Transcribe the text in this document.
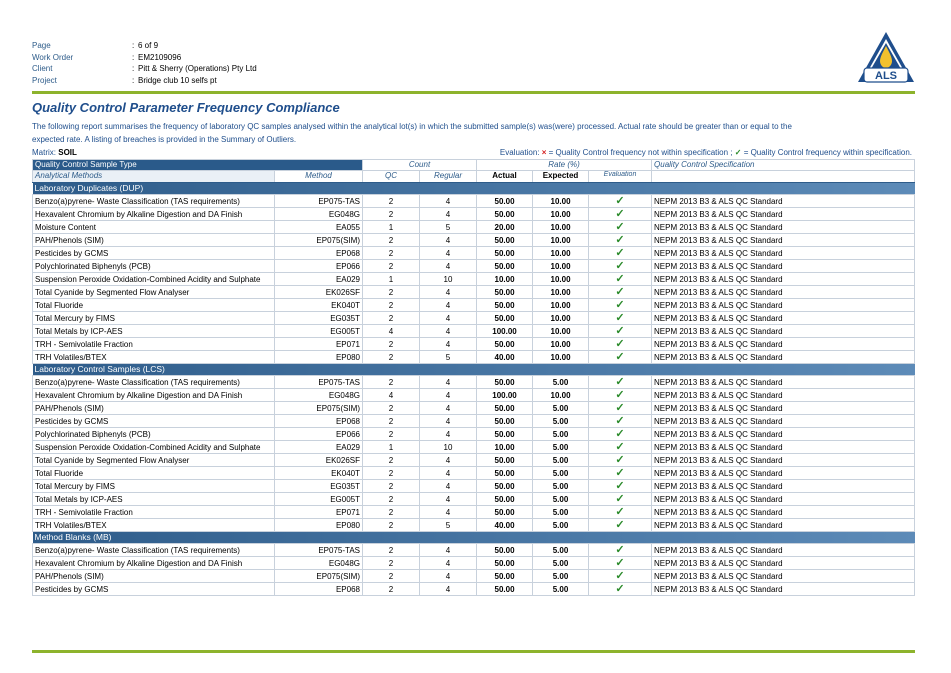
Page	: 6 of 9
Work Order	: EM2109096
Client	: Pitt & Sherry (Operations) Pty Ltd
Project	: Bridge club 10 selfs pt	ALS
Quality Control Parameter Frequency Compliance
The following report summarises the frequency of laboratory QC samples analysed within the analytical lot(s) in which the submitted sample(s) was(were) processed. Actual rate should be greater than or equal to the expected rate. A listing of breaches is provided in the Summary of Outliers.
Matrix: SOIL	Evaluation: × = Quality Control frequency not within specification ; ✓ = Quality Control frequency within specification.
Quality Control Sample Type		Count		Rate (%)			Quality Control Specification
Analytical Methods	Method	QC	Regular	Actual	Expected	Evaluation	
Laboratory Duplicates (DUP)							
Benzo(a)pyrene- Waste Classification (TAS requirements)	EP075-TAS	2	4	50.00	10.00	✓	NEPM 2013 B3 & ALS QC Standard
Hexavalent Chromium by Alkaline Digestion and DA Finish	EG048G	2	4	50.00	10.00	✓	NEPM 2013 B3 & ALS QC Standard
Moisture Content	EA055	1	5	20.00	10.00	✓	NEPM 2013 B3 & ALS QC Standard
PAH/Phenols (SIM)	EP075(SIM)	2	4	50.00	10.00	✓	NEPM 2013 B3 & ALS QC Standard
Pesticides by GCMS	EP068	2	4	50.00	10.00	✓	NEPM 2013 B3 & ALS QC Standard
Polychlorinated Biphenyls (PCB)	EP066	2	4	50.00	10.00	✓	NEPM 2013 B3 & ALS QC Standard
Suspension Peroxide Oxidation-Combined Acidity and Sulphate	EA029	1	10	10.00	10.00	✓	NEPM 2013 B3 & ALS QC Standard
Total Cyanide by Segmented Flow Analyser	EK026SF	2	4	50.00	10.00	✓	NEPM 2013 B3 & ALS QC Standard
Total Fluoride	EK040T	2	4	50.00	10.00	✓	NEPM 2013 B3 & ALS QC Standard
Total Mercury by FIMS	EG035T	2	4	50.00	10.00	✓	NEPM 2013 B3 & ALS QC Standard
Total Metals by ICP-AES	EG005T	4	4	100.00	10.00	✓	NEPM 2013 B3 & ALS QC Standard
TRH - Semivolatile Fraction	EP071	2	4	50.00	10.00	✓	NEPM 2013 B3 & ALS QC Standard
TRH Volatiles/BTEX	EP080	2	5	40.00	10.00	✓	NEPM 2013 B3 & ALS QC Standard
Laboratory Control Samples (LCS)							
Benzo(a)pyrene- Waste Classification (TAS requirements)	EP075-TAS	2	4	50.00	5.00	✓	NEPM 2013 B3 & ALS QC Standard
Hexavalent Chromium by Alkaline Digestion and DA Finish	EG048G	4	4	100.00	10.00	✓	NEPM 2013 B3 & ALS QC Standard
PAH/Phenols (SIM)	EP075(SIM)	2	4	50.00	5.00	✓	NEPM 2013 B3 & ALS QC Standard
Pesticides by GCMS	EP068	2	4	50.00	5.00	✓	NEPM 2013 B3 & ALS QC Standard
Polychlorinated Biphenyls (PCB)	EP066	2	4	50.00	5.00	✓	NEPM 2013 B3 & ALS QC Standard
Suspension Peroxide Oxidation-Combined Acidity and Sulphate	EA029	1	10	10.00	5.00	✓	NEPM 2013 B3 & ALS QC Standard
Total Cyanide by Segmented Flow Analyser	EK026SF	2	4	50.00	5.00	✓	NEPM 2013 B3 & ALS QC Standard
Total Fluoride	EK040T	2	4	50.00	5.00	✓	NEPM 2013 B3 & ALS QC Standard
Total Mercury by FIMS	EG035T	2	4	50.00	5.00	✓	NEPM 2013 B3 & ALS QC Standard
Total Metals by ICP-AES	EG005T	2	4	50.00	5.00	✓	NEPM 2013 B3 & ALS QC Standard
TRH - Semivolatile Fraction	EP071	2	4	50.00	5.00	✓	NEPM 2013 B3 & ALS QC Standard
TRH Volatiles/BTEX	EP080	2	5	40.00	5.00	✓	NEPM 2013 B3 & ALS QC Standard
Method Blanks (MB)							
Benzo(a)pyrene- Waste Classification (TAS requirements)	EP075-TAS	2	4	50.00	5.00	✓	NEPM 2013 B3 & ALS QC Standard
Hexavalent Chromium by Alkaline Digestion and DA Finish	EG048G	2	4	50.00	5.00	✓	NEPM 2013 B3 & ALS QC Standard
PAH/Phenols (SIM)	EP075(SIM)	2	4	50.00	5.00	✓	NEPM 2013 B3 & ALS QC Standard
Pesticides by GCMS	EP068	2	4	50.00	5.00	✓	NEPM 2013 B3 & ALS QC Standard
